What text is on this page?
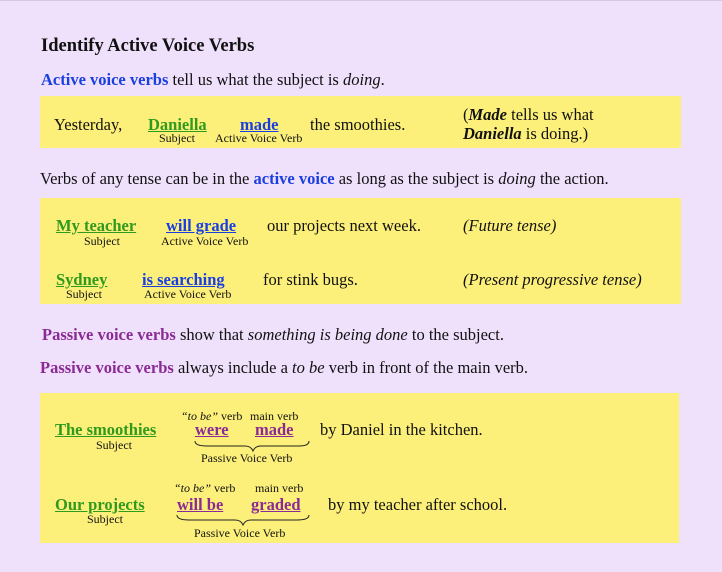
Identify Active Voice Verbs
Active voice verbs tell us what the subject is doing.
Yesterday, Daniella
Subject
made
Active Voice Verb
the smoothies.
(Made tells us what
Daniella is doing.)
Verbs of any tense can be in the active voice as long as the subject is doing the action.
My teacher
Subject
will grade
Active Voice Verb
our projects next week.	(Future tense)
Sydney
Subject
is searching
Active Voice Verb
for stink bugs.	(Present progressive tense)
Passive voice verbs show that something is being done to the subject.
Passive voice verbs always include a to be verb in front of the main verb.
“to be” verb main verb
The smoothies
Subject
were made by Daniel in the kitchen.
Passive Voice Verb
“to be” verb main verb
Our projects
Subject
will be graded by my teacher after school.
Passive Voice Verb
